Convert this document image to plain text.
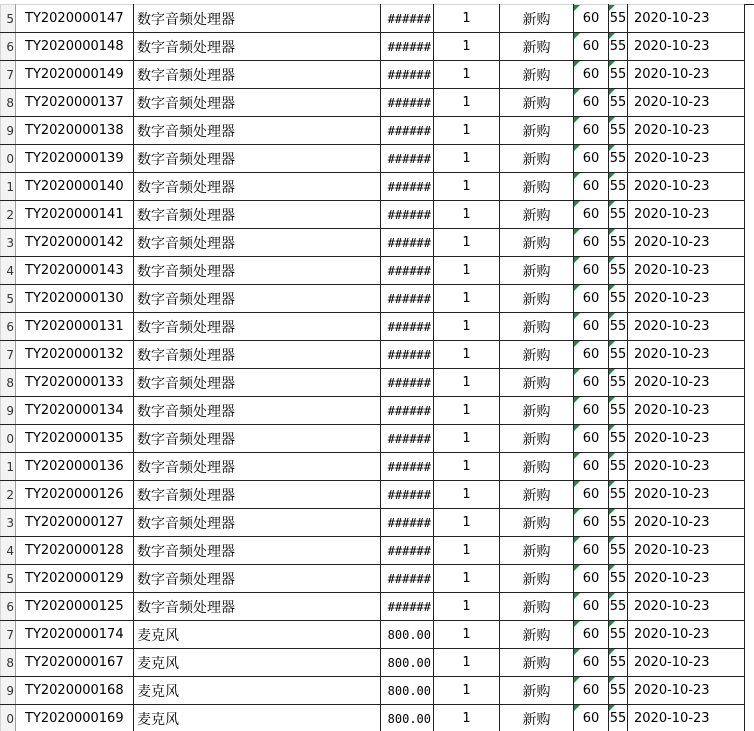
5	TY2020000147	数字音频处理器	######	1	新购	60	55	2020-10-23
6	TY2020000148	数字音频处理器	######	1	新购	60	55	2020-10-23
7	TY2020000149	数字音频处理器	######	1	新购	60	55	2020-10-23
8	TY2020000137	数字音频处理器	######	1	新购	60	55	2020-10-23
9	TY2020000138	数字音频处理器	######	1	新购	60	55	2020-10-23
0	TY2020000139	数字音频处理器	######	1	新购	60	55	2020-10-23
1	TY2020000140	数字音频处理器	######	1	新购	60	55	2020-10-23
2	TY2020000141	数字音频处理器	######	1	新购	60	55	2020-10-23
3	TY2020000142	数字音频处理器	######	1	新购	60	55	2020-10-23
4	TY2020000143	数字音频处理器	######	1	新购	60	55	2020-10-23
5	TY2020000130	数字音频处理器	######	1	新购	60	55	2020-10-23
6	TY2020000131	数字音频处理器	######	1	新购	60	55	2020-10-23
7	TY2020000132	数字音频处理器	######	1	新购	60	55	2020-10-23
8	TY2020000133	数字音频处理器	######	1	新购	60	55	2020-10-23
9	TY2020000134	数字音频处理器	######	1	新购	60	55	2020-10-23
0	TY2020000135	数字音频处理器	######	1	新购	60	55	2020-10-23
1	TY2020000136	数字音频处理器	######	1	新购	60	55	2020-10-23
2	TY2020000126	数字音频处理器	######	1	新购	60	55	2020-10-23
3	TY2020000127	数字音频处理器	######	1	新购	60	55	2020-10-23
4	TY2020000128	数字音频处理器	######	1	新购	60	55	2020-10-23
5	TY2020000129	数字音频处理器	######	1	新购	60	55	2020-10-23
6	TY2020000125	数字音频处理器	######	1	新购	60	55	2020-10-23
7	TY2020000174	麦克风	800.00	1	新购	60	55	2020-10-23
8	TY2020000167	麦克风	800.00	1	新购	60	55	2020-10-23
9	TY2020000168	麦克风	800.00	1	新购	60	55	2020-10-23
0	TY2020000169	麦克风	800.00	1	新购	60	55	2020-10-23
